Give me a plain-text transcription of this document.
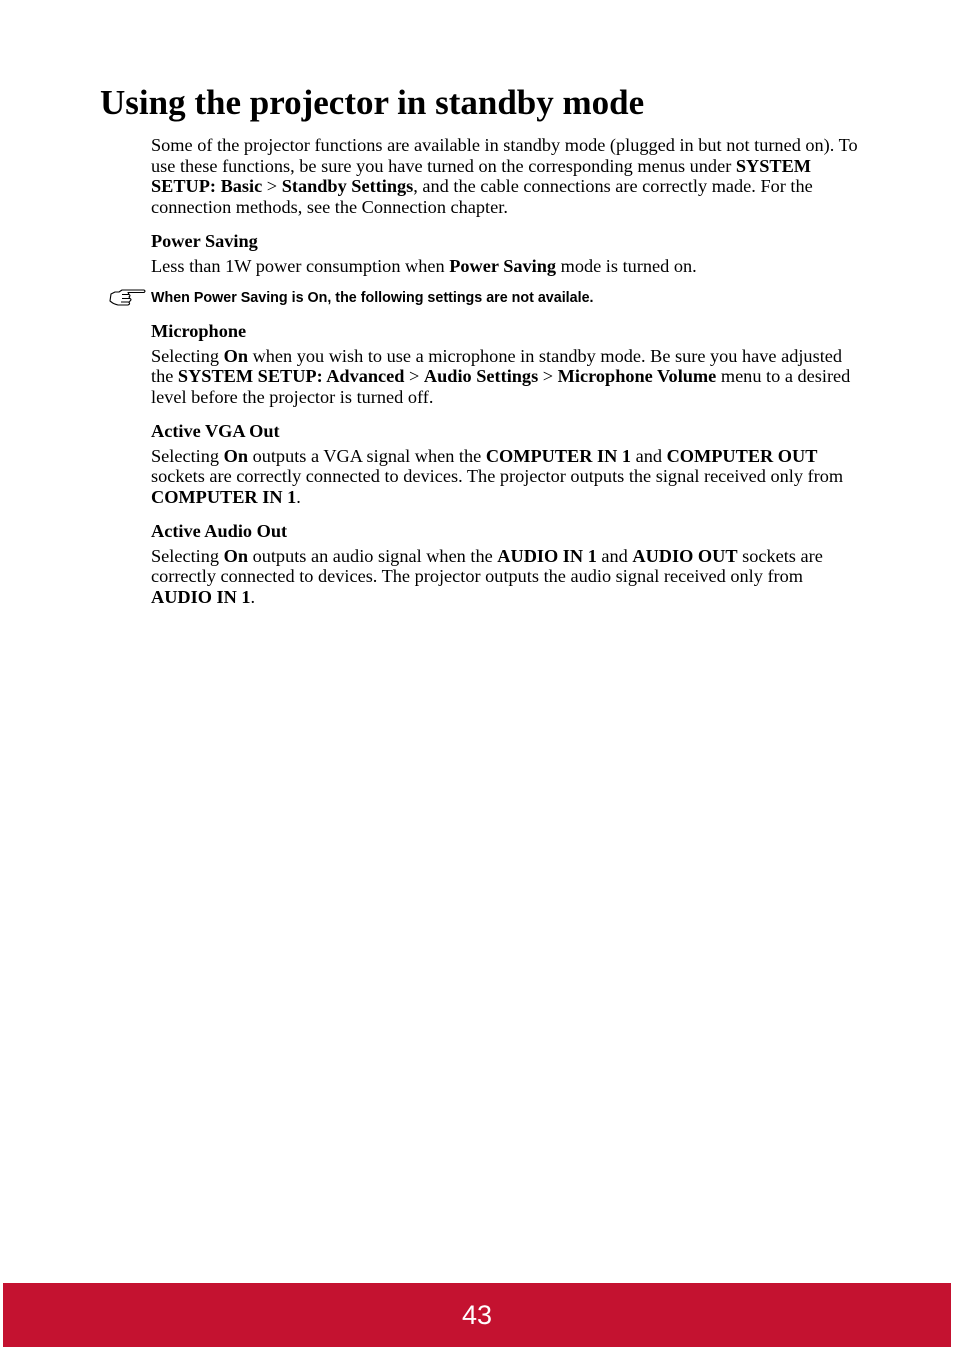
Using the projector in standby mode

Some of the projector functions are available in standby mode (plugged in but not turned on). To use these functions, be sure you have turned on the corresponding menus under SYSTEM SETUP: Basic > Standby Settings, and the cable connections are correctly made. For the connection methods, see the Connection chapter.

Power Saving

Less than 1W power consumption when Power Saving mode is turned on.

When Power Saving is On, the following settings are not availale.

Microphone

Selecting On when you wish to use a microphone in standby mode. Be sure you have adjusted the SYSTEM SETUP: Advanced > Audio Settings > Microphone Volume menu to a desired level before the projector is turned off.

Active VGA Out

Selecting On outputs a VGA signal when the COMPUTER IN 1 and COMPUTER OUT sockets are correctly connected to devices. The projector outputs the signal received only from COMPUTER IN 1.

Active Audio Out

Selecting On outputs an audio signal when the AUDIO IN 1 and AUDIO OUT sockets are correctly connected to devices. The projector outputs the audio signal received only from AUDIO IN 1.

43
